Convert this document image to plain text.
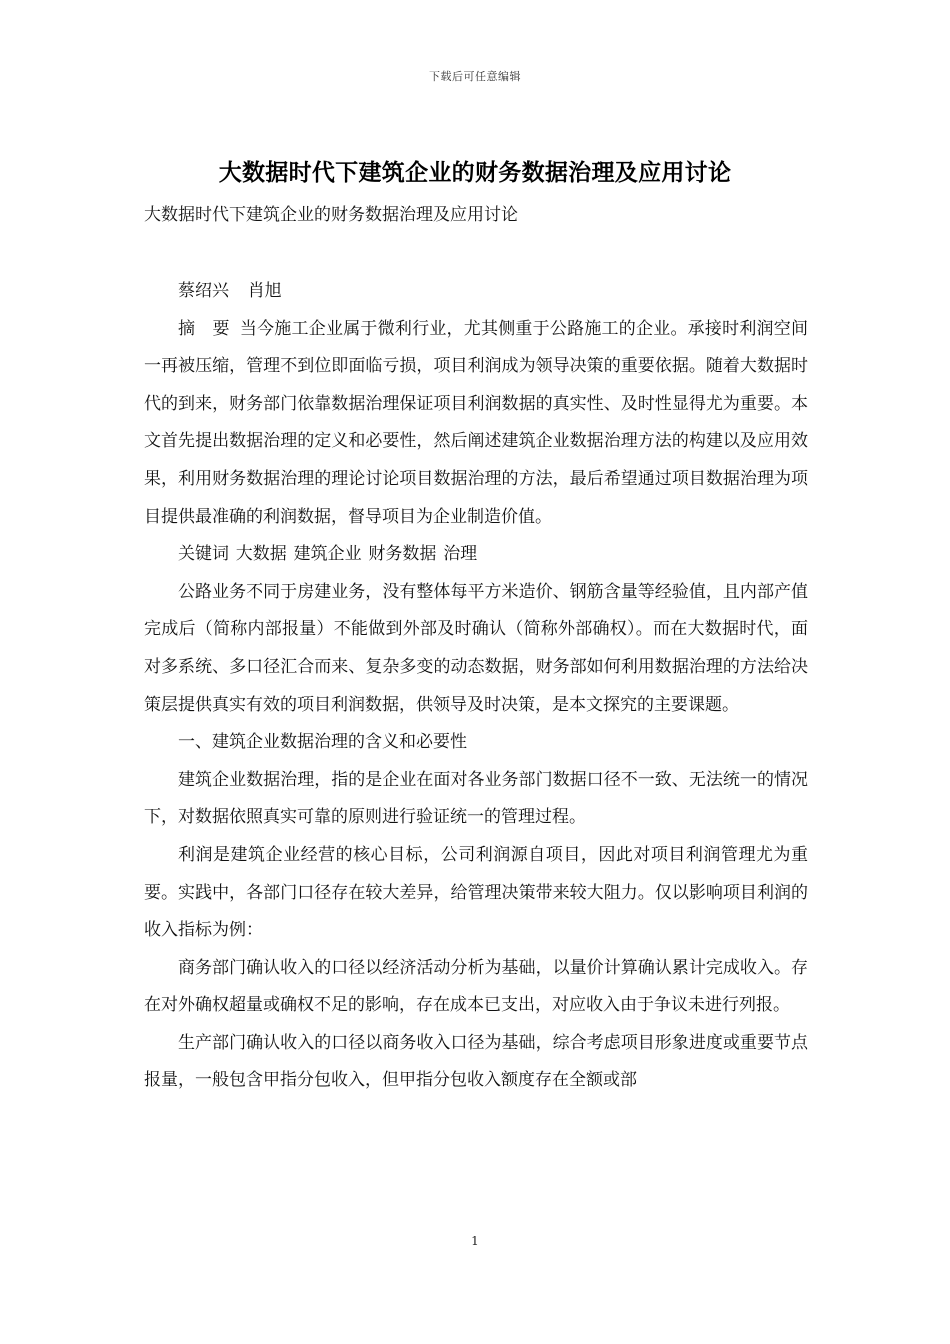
下载后可任意编辑
大数据时代下建筑企业的财务数据治理及应用讨论
大数据时代下建筑企业的财务数据治理及应用讨论

蔡绍兴 肖旭

摘　要 当今施工企业属于微利行业，尤其侧重于公路施工的企业。承接时利润空间一再被压缩，管理不到位即面临亏损，项目利润成为领导决策的重要依据。随着大数据时代的到来，财务部门依靠数据治理保证项目利润数据的真实性、及时性显得尤为重要。本文首先提出数据治理的定义和必要性，然后阐述建筑企业数据治理方法的构建以及应用效果，利用财务数据治理的理论讨论项目数据治理的方法，最后希望通过项目数据治理为项目提供最准确的利润数据，督导项目为企业制造价值。

关键词 大数据 建筑企业 财务数据 治理

公路业务不同于房建业务，没有整体每平方米造价、钢筋含量等经验值，且内部产值完成后（简称内部报量）不能做到外部及时确认（简称外部确权）。而在大数据时代，面对多系统、多口径汇合而来、复杂多变的动态数据，财务部如何利用数据治理的方法给决策层提供真实有效的项目利润数据，供领导及时决策，是本文探究的主要课题。

一、建筑企业数据治理的含义和必要性

建筑企业数据治理，指的是企业在面对各业务部门数据口径不一致、无法统一的情况下，对数据依照真实可靠的原则进行验证统一的管理过程。

利润是建筑企业经营的核心目标，公司利润源自项目，因此对项目利润管理尤为重要。实践中，各部门口径存在较大差异，给管理决策带来较大阻力。仅以影响项目利润的收入指标为例：

商务部门确认收入的口径以经济活动分析为基础，以量价计算确认累计完成收入。存在对外确权超量或确权不足的影响，存在成本已支出，对应收入由于争议未进行列报。

生产部门确认收入的口径以商务收入口径为基础，综合考虑项目形象进度或重要节点报量，一般包含甲指分包收入，但甲指分包收入额度存在全额或部

1
